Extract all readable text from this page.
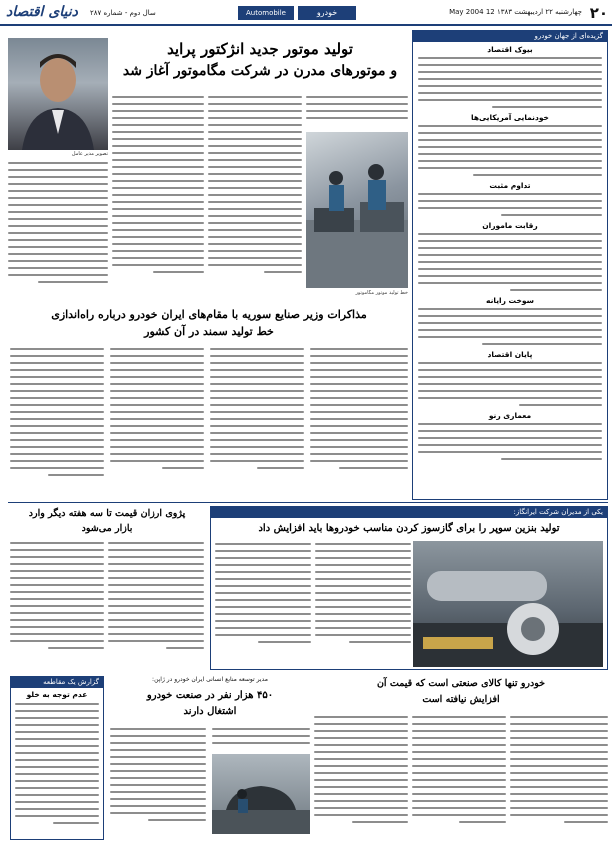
۲۰
چهارشنبه ۲۲ اردیبهشت ۱۳۸۳ 12 May 2004
خودرو
Automobile
سال دوم - شماره ۲۸۷
دنیای اقتصاد
گزیده‌ای از جهان خودرو
بیوک اقتصاد
خودنمایی آمریکایی‌ها
تداوم مثبت
رقابت ماموران
سوخت رایانه
پایان اقتصاد
معماری رنو
تولید موتور جدید انژکتور پراید
و موتورهای مدرن در شرکت مگاموتور آغاز شد
تصویر مدیر عامل
خط تولید موتور مگاموتور
مذاکرات وزیر صنایع سوریه با مقام‌های ایران خودرو درباره راه‌اندازی
خط تولید سمند در آن کشور
یکی از مدیران شرکت ایرانگاز:
تولید بنزین سوپر را برای گازسوز کردن مناسب خودروها باید افزایش داد
پژوی ارزان قیمت تا سه هفته دیگر وارد
بازار می‌شود
گزارش یک مقاطعه
عدم توجه به خلو
مدیر توسعه منابع انسانی ایران خودرو در ژاپن:
۴۵۰ هزار نفر در صنعت خودرو
اشتغال دارند
خودرو تنها کالای صنعتی است که قیمت آن
افزایش نیافته است
